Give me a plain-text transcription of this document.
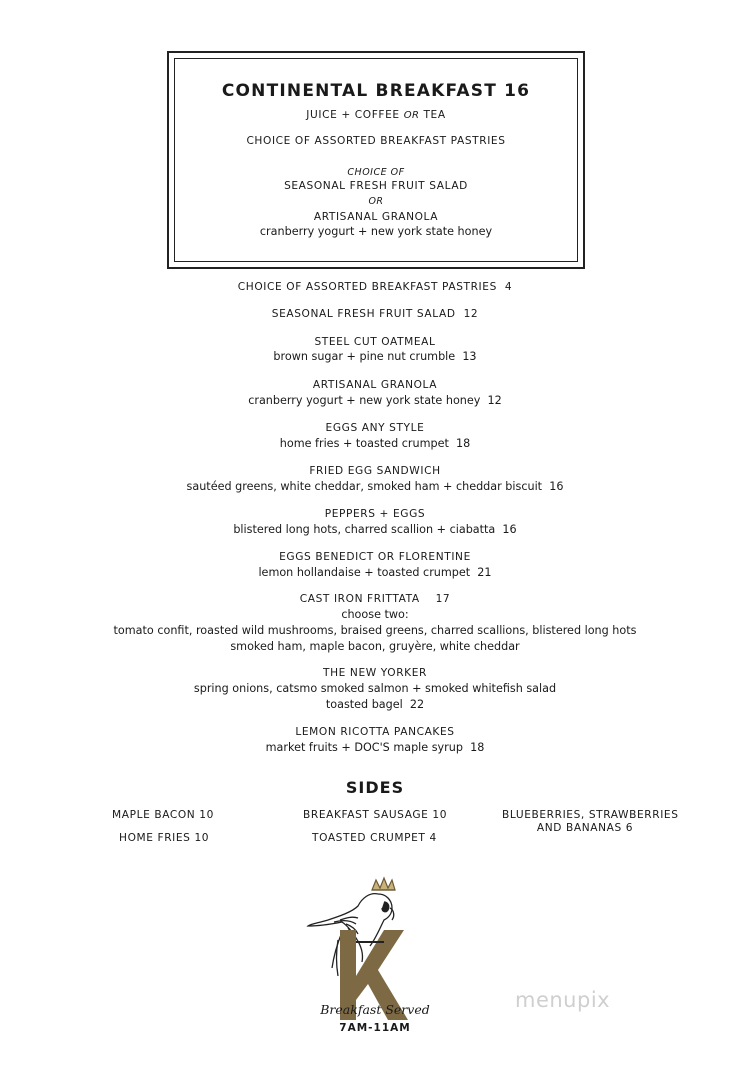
CONTINENTAL BREAKFAST 16
JUICE + COFFEE OR TEA
CHOICE OF ASSORTED BREAKFAST PASTRIES
CHOICE OF
SEASONAL FRESH FRUIT SALAD
OR
ARTISANAL GRANOLA
cranberry yogurt + new york state honey
CHOICE OF ASSORTED BREAKFAST PASTRIES 4
SEASONAL FRESH FRUIT SALAD 12
STEEL CUT OATMEAL
brown sugar + pine nut crumble 13
ARTISANAL GRANOLA
cranberry yogurt + new york state honey 12
EGGS ANY STYLE
home fries + toasted crumpet 18
FRIED EGG SANDWICH
sautéed greens, white cheddar, smoked ham + cheddar biscuit 16
PEPPERS + EGGS
blistered long hots, charred scallion + ciabatta 16
EGGS BENEDICT OR FLORENTINE
lemon hollandaise + toasted crumpet 21
CAST IRON FRITTATA 17
choose two:
tomato confit, roasted wild mushrooms, braised greens, charred scallions, blistered long hots
smoked ham, maple bacon, gruyère, white cheddar
THE NEW YORKER
spring onions, catsmo smoked salmon + smoked whitefish salad
toasted bagel 22
LEMON RICOTTA PANCAKES
market fruits + DOC'S maple syrup 18
SIDES
MAPLE BACON 10
HOME FRIES 10
BREAKFAST SAUSAGE 10
TOASTED CRUMPET 4
BLUEBERRIES, STRAWBERRIES
AND BANANAS 6
Breakfast Served
7AM-11AM
menupix
